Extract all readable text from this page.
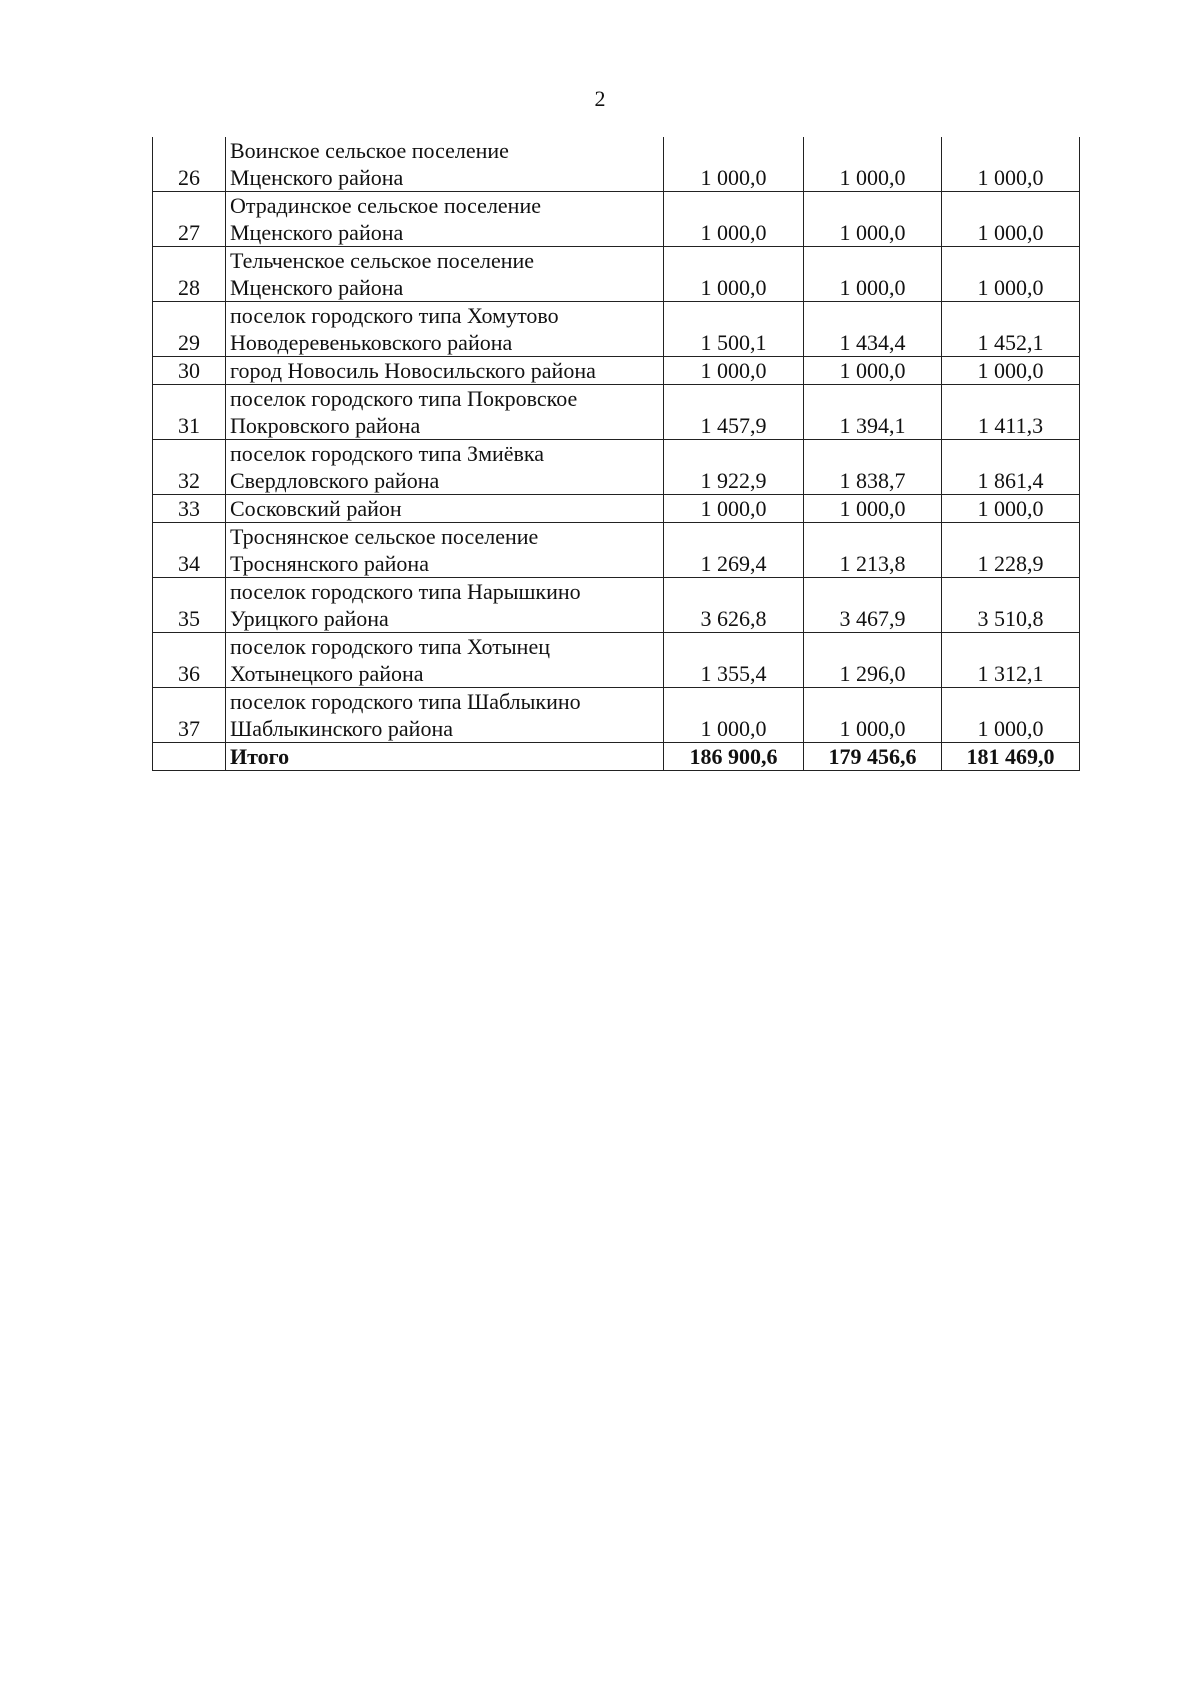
2
26	Воинское сельское поселение
Мценского района	1 000,0	1 000,0	1 000,0
27	Отрадинское сельское поселение
Мценского района	1 000,0	1 000,0	1 000,0
28	Тельченское сельское поселение
Мценского района	1 000,0	1 000,0	1 000,0
29	поселок городского типа Хомутово
Новодеревеньковского района	1 500,1	1 434,4	1 452,1
30	город Новосиль Новосильского района	1 000,0	1 000,0	1 000,0
31	поселок городского типа Покровское
Покровского района	1 457,9	1 394,1	1 411,3
32	поселок городского типа Змиёвка
Свердловского района	1 922,9	1 838,7	1 861,4
33	Сосковский район	1 000,0	1 000,0	1 000,0
34	Троснянское сельское поселение
Троснянского района	1 269,4	1 213,8	1 228,9
35	поселок городского типа Нарышкино
Урицкого района	3 626,8	3 467,9	3 510,8
36	поселок городского типа Хотынец
Хотынецкого района	1 355,4	1 296,0	1 312,1
37	поселок городского типа Шаблыкино
Шаблыкинского района	1 000,0	1 000,0	1 000,0
	Итого	186 900,6	179 456,6	181 469,0
